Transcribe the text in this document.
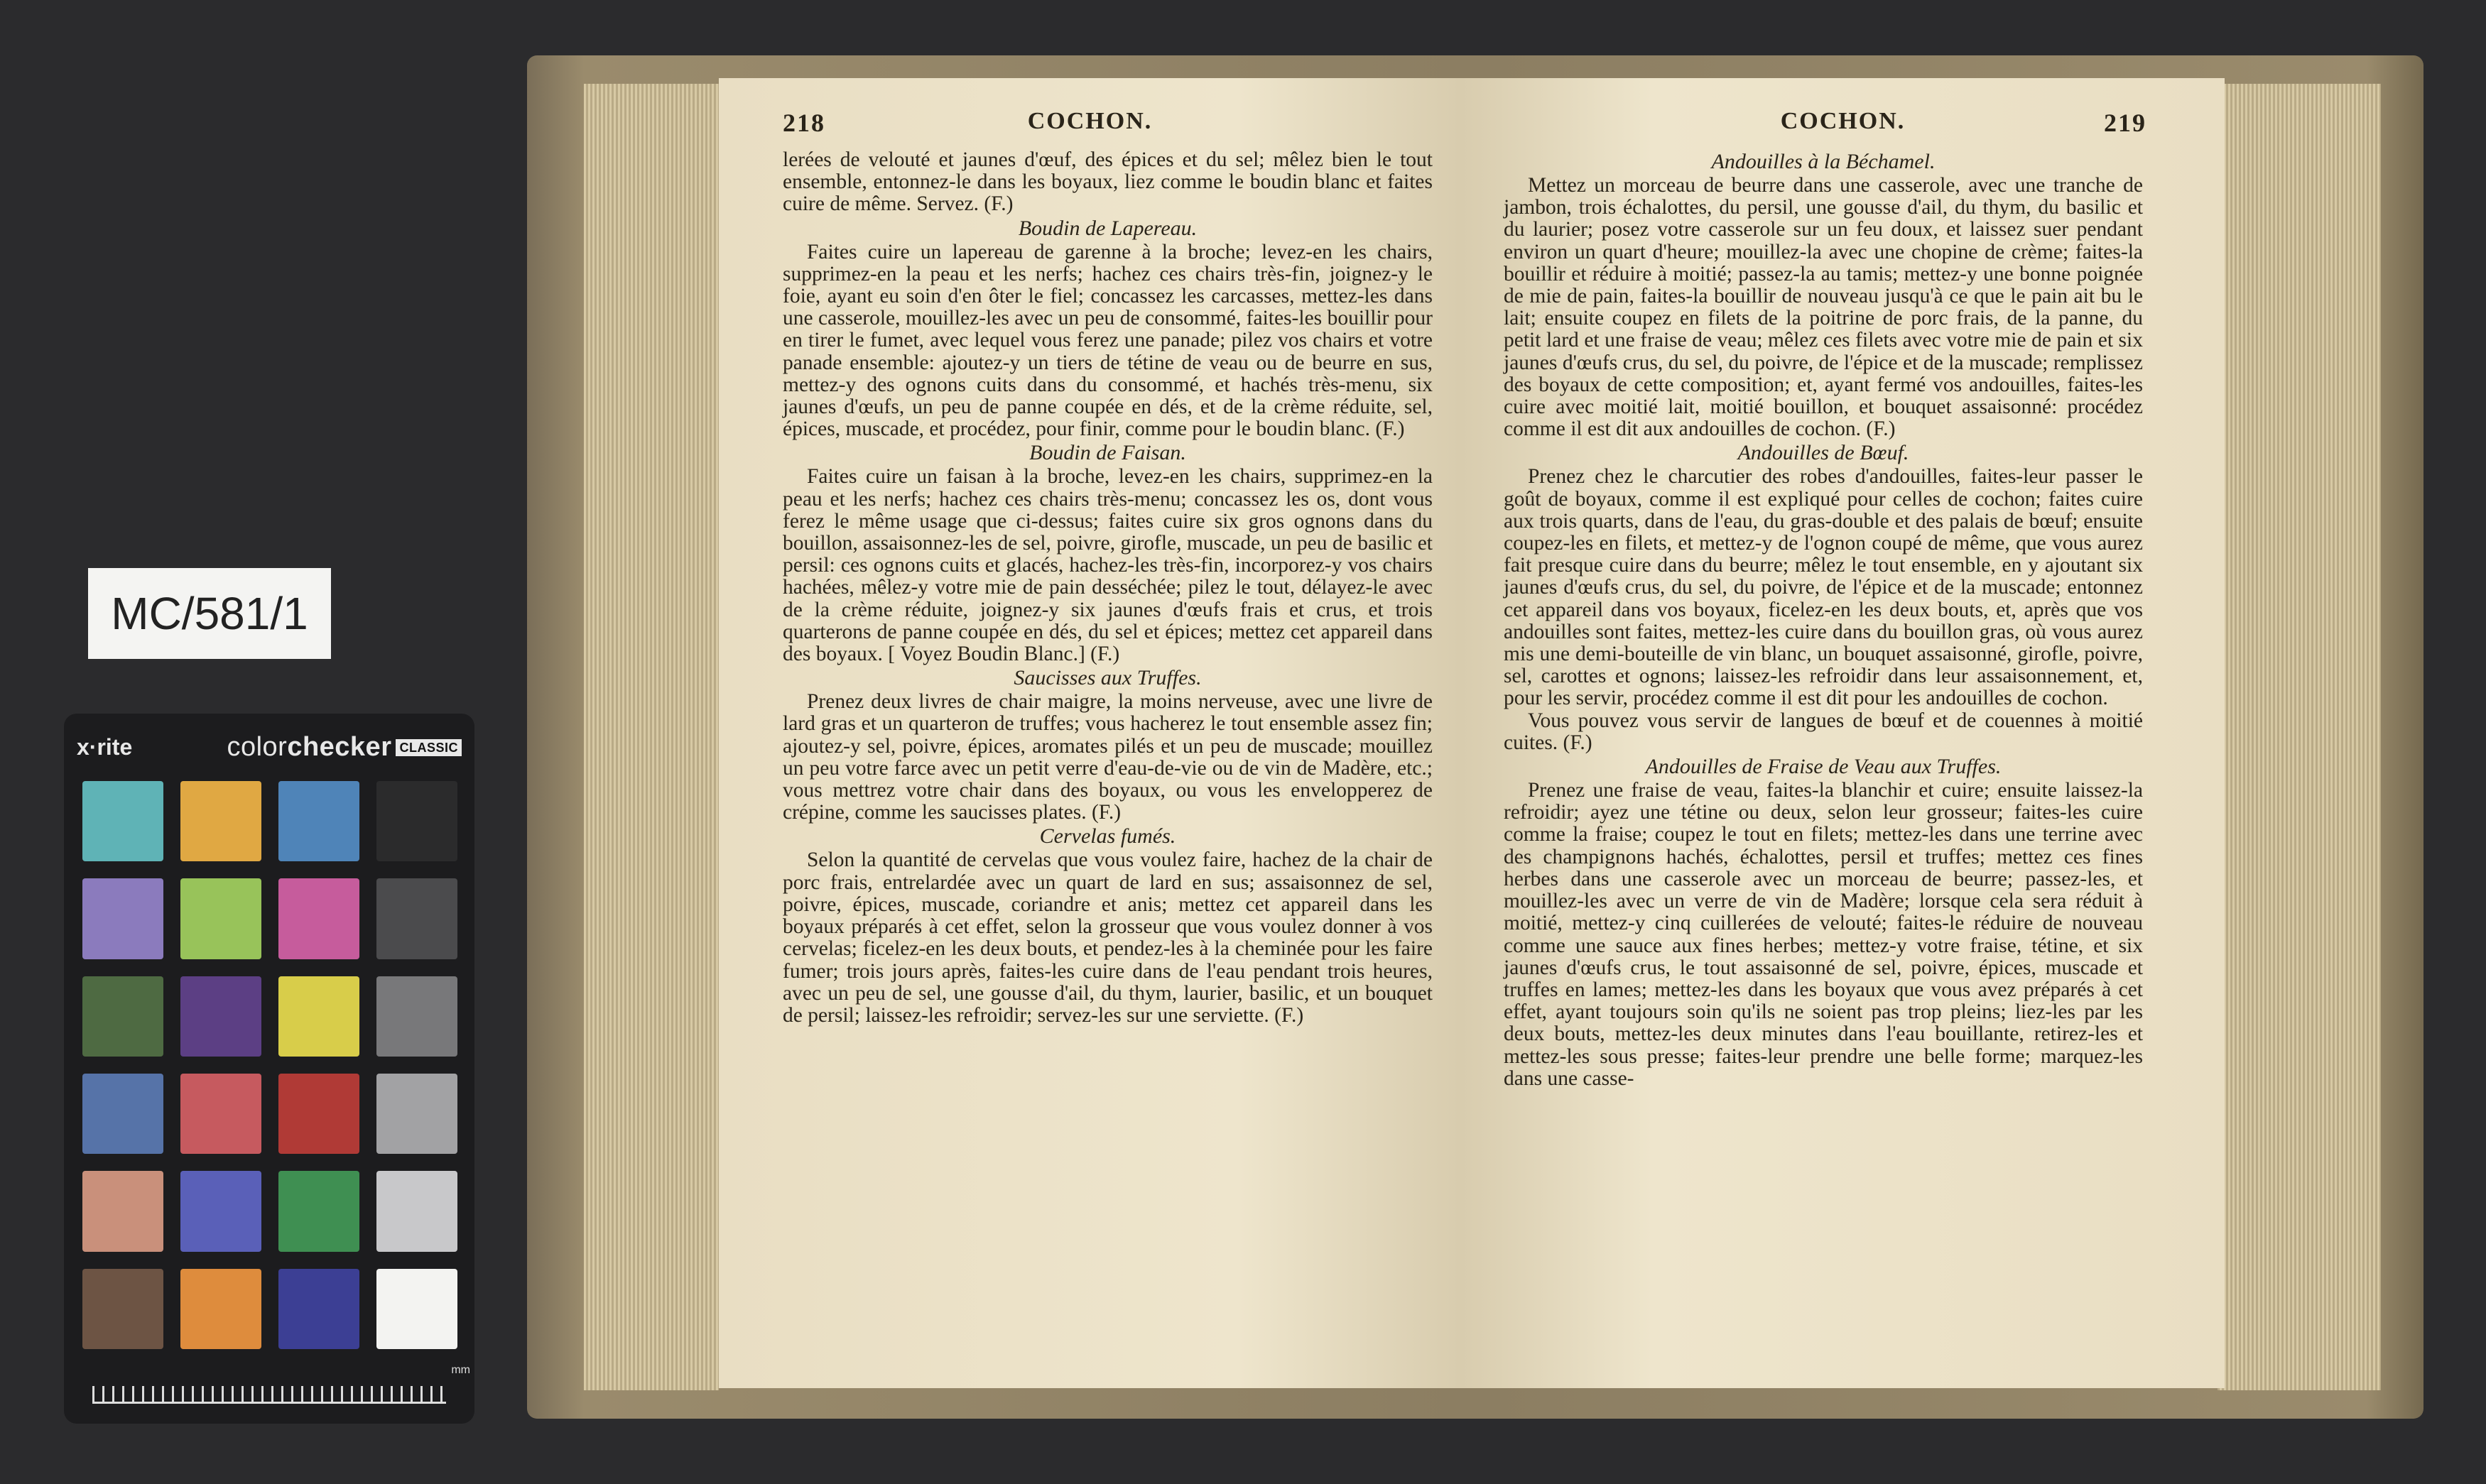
MC/581/1
x·rite	colorchecker CLASSIC
mm
218	COCHON.

lerées de velouté et jaunes d'œuf, des épices et du sel; mêlez bien le tout ensemble, entonnez-le dans les boyaux, liez comme le boudin blanc et faites cuire de même. Servez. (F.)

Boudin de Lapereau.

Faites cuire un lapereau de garenne à la broche; levez-en les chairs, supprimez-en la peau et les nerfs; hachez ces chairs très-fin, joignez-y le foie, ayant eu soin d'en ôter le fiel; concassez les carcasses, mettez-les dans une casserole, mouillez-les avec un peu de consommé, faites-les bouillir pour en tirer le fumet, avec lequel vous ferez une panade; pilez vos chairs et votre panade ensemble: ajoutez-y un tiers de tétine de veau ou de beurre en sus, mettez-y des ognons cuits dans du consommé, et hachés très-menu, six jaunes d'œufs, un peu de panne coupée en dés, et de la crème réduite, sel, épices, muscade, et procédez, pour finir, comme pour le boudin blanc. (F.)

Boudin de Faisan.

Faites cuire un faisan à la broche, levez-en les chairs, supprimez-en la peau et les nerfs; hachez ces chairs très-menu; concassez les os, dont vous ferez le même usage que ci-dessus; faites cuire six gros ognons dans du bouillon, assaisonnez-les de sel, poivre, girofle, muscade, un peu de basilic et persil: ces ognons cuits et glacés, hachez-les très-fin, incorporez-y vos chairs hachées, mêlez-y votre mie de pain desséchée; pilez le tout, délayez-le avec de la crème réduite, joignez-y six jaunes d'œufs frais et crus, et trois quarterons de panne coupée en dés, du sel et épices; mettez cet appareil dans des boyaux. [ Voyez Boudin Blanc.] (F.)

Saucisses aux Truffes.

Prenez deux livres de chair maigre, la moins nerveuse, avec une livre de lard gras et un quarteron de truffes; vous hacherez le tout ensemble assez fin; ajoutez-y sel, poivre, épices, aromates pilés et un peu de muscade; mouillez un peu votre farce avec un petit verre d'eau-de-vie ou de vin de Madère, etc.; vous mettrez votre chair dans des boyaux, ou vous les envelopperez de crépine, comme les saucisses plates. (F.)

Cervelas fumés.

Selon la quantité de cervelas que vous voulez faire, hachez de la chair de porc frais, entrelardée avec un quart de lard en sus; assaisonnez de sel, poivre, épices, muscade, coriandre et anis; mettez cet appareil dans les boyaux préparés à cet effet, selon la grosseur que vous voulez donner à vos cervelas; ficelez-en les deux bouts, et pendez-les à la cheminée pour les faire fumer; trois jours après, faites-les cuire dans de l'eau pendant trois heures, avec un peu de sel, une gousse d'ail, du thym, laurier, basilic, et un bouquet de persil; laissez-les refroidir; servez-les sur une serviette. (F.)

COCHON.	219
Andouilles à la Béchamel.

Mettez un morceau de beurre dans une casserole, avec une tranche de jambon, trois échalottes, du persil, une gousse d'ail, du thym, du basilic et du laurier; posez votre casserole sur un feu doux, et laissez suer pendant environ un quart d'heure; mouillez-la avec une chopine de crème; faites-la bouillir et réduire à moitié; passez-la au tamis; mettez-y une bonne poignée de mie de pain, faites-la bouillir de nouveau jusqu'à ce que le pain ait bu le lait; ensuite coupez en filets de la poitrine de porc frais, de la panne, du petit lard et une fraise de veau; mêlez ces filets avec votre mie de pain et six jaunes d'œufs crus, du sel, du poivre, de l'épice et de la muscade; remplissez des boyaux de cette composition; et, ayant fermé vos andouilles, faites-les cuire avec moitié lait, moitié bouillon, et bouquet assaisonné: procédez comme il est dit aux andouilles de cochon. (F.)

Andouilles de Bœuf.

Prenez chez le charcutier des robes d'andouilles, faites-leur passer le goût de boyaux, comme il est expliqué pour celles de cochon; faites cuire aux trois quarts, dans de l'eau, du gras-double et des palais de bœuf; ensuite coupez-les en filets, et mettez-y de l'ognon coupé de même, que vous aurez fait presque cuire dans du beurre; mêlez le tout ensemble, en y ajoutant six jaunes d'œufs crus, du sel, du poivre, de l'épice et de la muscade; entonnez cet appareil dans vos boyaux, ficelez-en les deux bouts, et, après que vos andouilles sont faites, mettez-les cuire dans du bouillon gras, où vous aurez mis une demi-bouteille de vin blanc, un bouquet assaisonné, girofle, poivre, sel, carottes et ognons; laissez-les refroidir dans leur assaisonnement, et, pour les servir, procédez comme il est dit pour les andouilles de cochon.

Vous pouvez vous servir de langues de bœuf et de couennes à moitié cuites. (F.)

Andouilles de Fraise de Veau aux Truffes.

Prenez une fraise de veau, faites-la blanchir et cuire; ensuite laissez-la refroidir; ayez une tétine ou deux, selon leur grosseur; faites-les cuire comme la fraise; coupez le tout en filets; mettez-les dans une terrine avec des champignons hachés, échalottes, persil et truffes; mettez ces fines herbes dans une casserole avec un morceau de beurre; passez-les, et mouillez-les avec un verre de vin de Madère; lorsque cela sera réduit à moitié, mettez-y cinq cuillerées de velouté; faites-le réduire de nouveau comme une sauce aux fines herbes; mettez-y votre fraise, tétine, et six jaunes d'œufs crus, le tout assaisonné de sel, poivre, épices, muscade et truffes en lames; mettez-les dans les boyaux que vous avez préparés à cet effet, ayant toujours soin qu'ils ne soient pas trop pleins; liez-les par les deux bouts, mettez-les deux minutes dans l'eau bouillante, retirez-les et mettez-les sous presse; faites-leur prendre une belle forme; marquez-les dans une casse-
